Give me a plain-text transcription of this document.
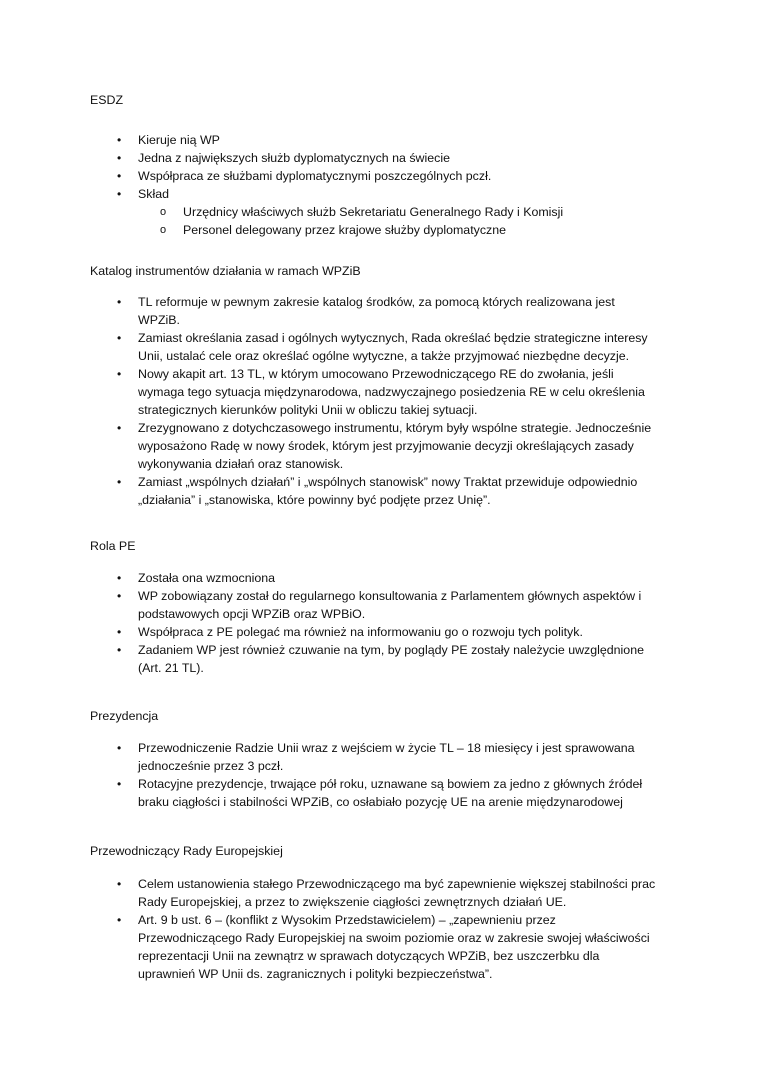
ESDZ
• Kieruje nią WP
• Jedna z największych służb dyplomatycznych na świecie
• Współpraca ze służbami dyplomatycznymi poszczególnych pczł.
• Skład
o Urzędnicy właściwych służb Sekretariatu Generalnego Rady i Komisji
o Personel delegowany przez krajowe służby dyplomatyczne
Katalog instrumentów działania w ramach WPZiB
• TL reformuje w pewnym zakresie katalog środków, za pomocą których realizowana jest
WPZiB.
• Zamiast określania zasad i ogólnych wytycznych, Rada określać będzie strategiczne interesy
Unii, ustalać cele oraz określać ogólne wytyczne, a także przyjmować niezbędne decyzje.
• Nowy akapit art. 13 TL, w którym umocowano Przewodniczącego RE do zwołania, jeśli
wymaga tego sytuacja międzynarodowa, nadzwyczajnego posiedzenia RE w celu określenia
strategicznych kierunków polityki Unii w obliczu takiej sytuacji.
• Zrezygnowano z dotychczasowego instrumentu, którym były wspólne strategie. Jednocześnie
wyposażono Radę w nowy środek, którym jest przyjmowanie decyzji określających zasady
wykonywania działań oraz stanowisk.
• Zamiast „wspólnych działań” i „wspólnych stanowisk” nowy Traktat przewiduje odpowiednio
„działania” i „stanowiska, które powinny być podjęte przez Unię”.
Rola PE
• Została ona wzmocniona
• WP zobowiązany został do regularnego konsultowania z Parlamentem głównych aspektów i
podstawowych opcji WPZiB oraz WPBiO.
• Współpraca z PE polegać ma również na informowaniu go o rozwoju tych polityk.
• Zadaniem WP jest również czuwanie na tym, by poglądy PE zostały należycie uwzględnione
(Art. 21 TL).
Prezydencja
• Przewodniczenie Radzie Unii wraz z wejściem w życie TL – 18 miesięcy i jest sprawowana
jednocześnie przez 3 pczł.
• Rotacyjne prezydencje, trwające pół roku, uznawane są bowiem za jedno z głównych źródeł
braku ciągłości i stabilności WPZiB, co osłabiało pozycję UE na arenie międzynarodowej
Przewodniczący Rady Europejskiej
• Celem ustanowienia stałego Przewodniczącego ma być zapewnienie większej stabilności prac
Rady Europejskiej, a przez to zwiększenie ciągłości zewnętrznych działań UE.
• Art. 9 b ust. 6 – (konflikt z Wysokim Przedstawicielem) – „zapewnieniu przez
Przewodniczącego Rady Europejskiej na swoim poziomie oraz w zakresie swojej właściwości
reprezentacji Unii na zewnątrz w sprawach dotyczących WPZiB, bez uszczerbku dla
uprawnień WP Unii ds. zagranicznych i polityki bezpieczeństwa”.
